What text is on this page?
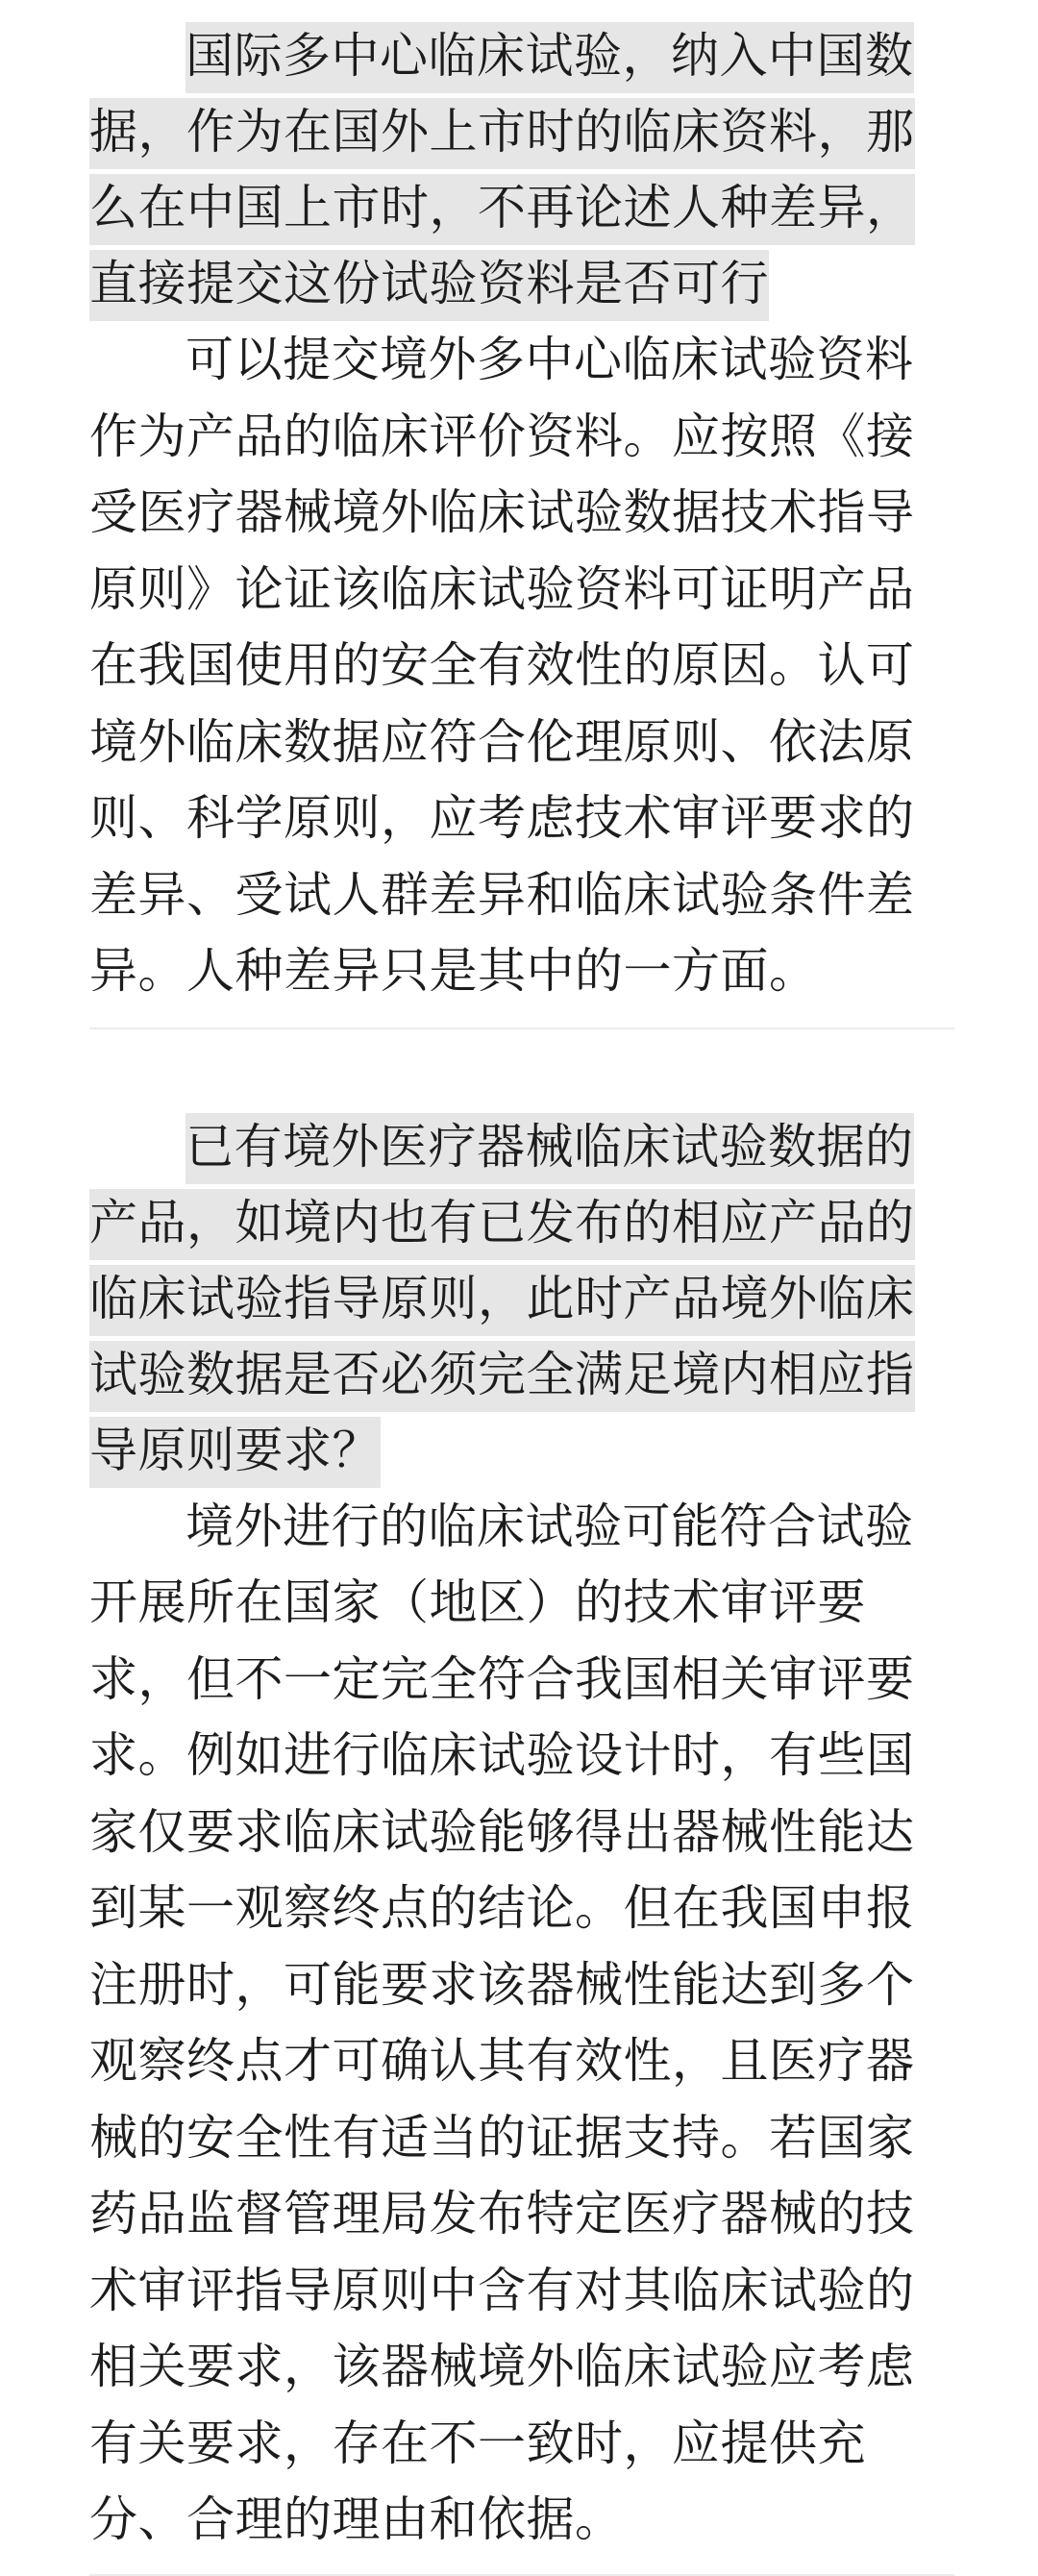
国际多中心临床试验，纳入中国数据，作为在国外上市时的临床资料，那么在中国上市时，不再论述人种差异，直接提交这份试验资料是否可行

可以提交境外多中心临床试验资料作为产品的临床评价资料。应按照《接受医疗器械境外临床试验数据技术指导原则》论证该临床试验资料可证明产品在我国使用的安全有效性的原因。认可境外临床数据应符合伦理原则、依法原则、科学原则，应考虑技术审评要求的差异、受试人群差异和临床试验条件差异。人种差异只是其中的一方面。

已有境外医疗器械临床试验数据的产品，如境内也有已发布的相应产品的临床试验指导原则，此时产品境外临床试验数据是否必须完全满足境内相应指导原则要求？

境外进行的临床试验可能符合试验开展所在国家（地区）的技术审评要求，但不一定完全符合我国相关审评要求。例如进行临床试验设计时，有些国家仅要求临床试验能够得出器械性能达到某一观察终点的结论。但在我国申报注册时，可能要求该器械性能达到多个观察终点才可确认其有效性，且医疗器械的安全性有适当的证据支持。若国家药品监督管理局发布特定医疗器械的技术审评指导原则中含有对其临床试验的相关要求，该器械境外临床试验应考虑有关要求，存在不一致时，应提供充分、合理的理由和依据。
